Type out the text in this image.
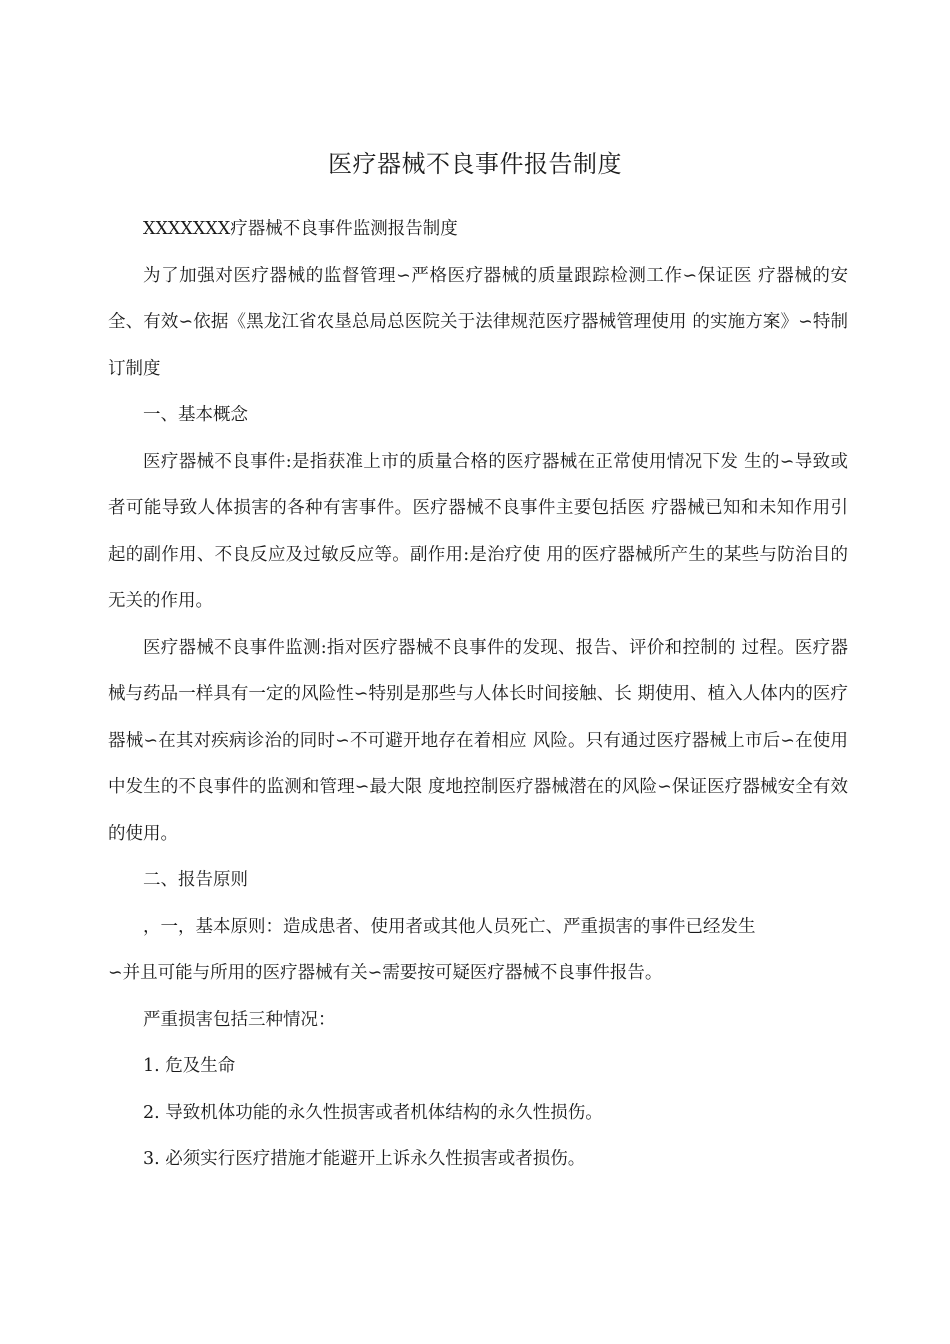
医疗器械不良事件报告制度

XXXXXXX疗器械不良事件监测报告制度

为了加强对医疗器械的监督管理∽严格医疗器械的质量跟踪检测工作∽保证医 疗器械的安全、有效∽依据《黑龙江省农垦总局总医院关于法律规范医疗器械管理使用 的实施方案》∽特制订制度

一、基本概念

医疗器械不良事件:是指获准上市的质量合格的医疗器械在正常使用情况下发 生的∽导致或者可能导致人体损害的各种有害事件。医疗器械不良事件主要包括医 疗器械已知和未知作用引起的副作用、不良反应及过敏反应等。副作用:是治疗使 用的医疗器械所产生的某些与防治目的无关的作用。

医疗器械不良事件监测:指对医疗器械不良事件的发现、报告、评价和控制的 过程。医疗器械与药品一样具有一定的风险性∽特别是那些与人体长时间接触、长 期使用、植入人体内的医疗器械∽在其对疾病诊治的同时∽不可避开地存在着相应 风险。只有通过医疗器械上市后∽在使用中发生的不良事件的监测和管理∽最大限 度地控制医疗器械潜在的风险∽保证医疗器械安全有效的使用。

二、报告原则

，一，基本原则：造成患者、使用者或其他人员死亡、严重损害的事件已经发生

∽并且可能与所用的医疗器械有关∽需要按可疑医疗器械不良事件报告。

严重损害包括三种情况：

1. 危及生命

2. 导致机体功能的永久性损害或者机体结构的永久性损伤。

3. 必须实行医疗措施才能避开上诉永久性损害或者损伤。
